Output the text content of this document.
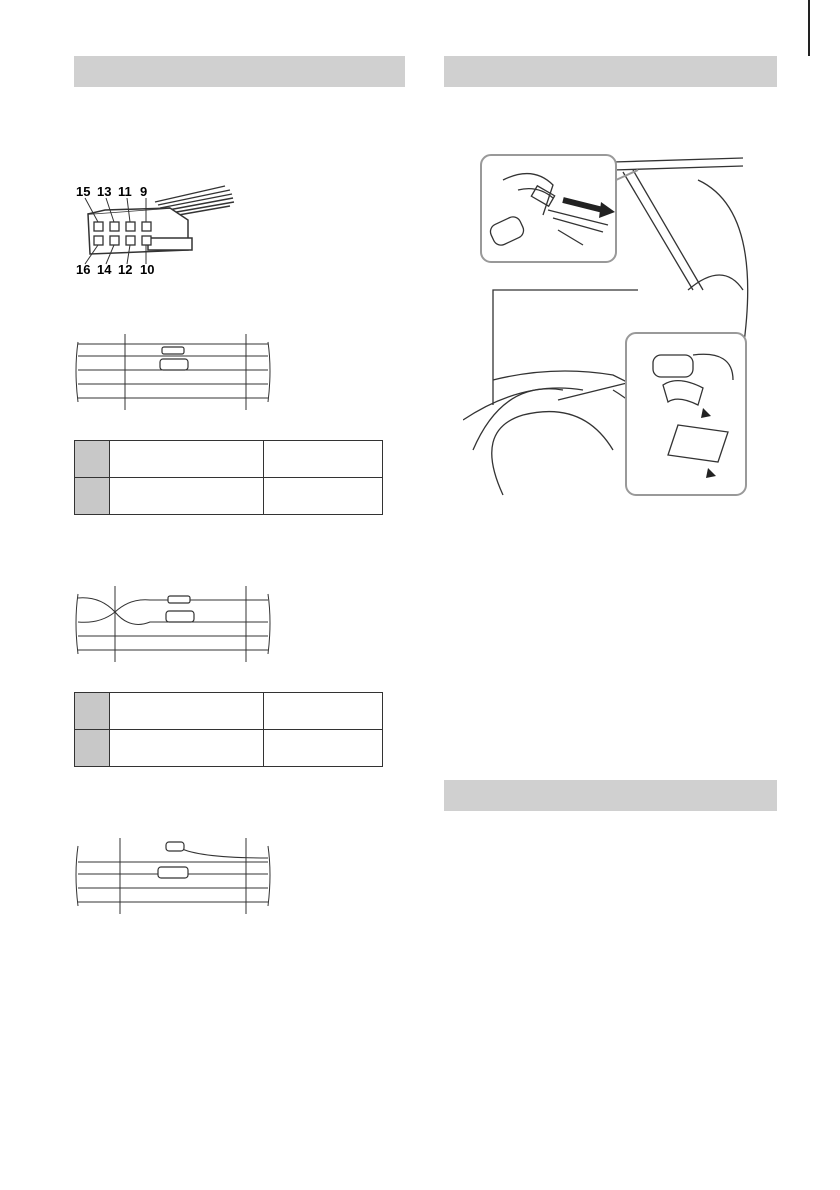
15 13 11 9
16 14 12 10
